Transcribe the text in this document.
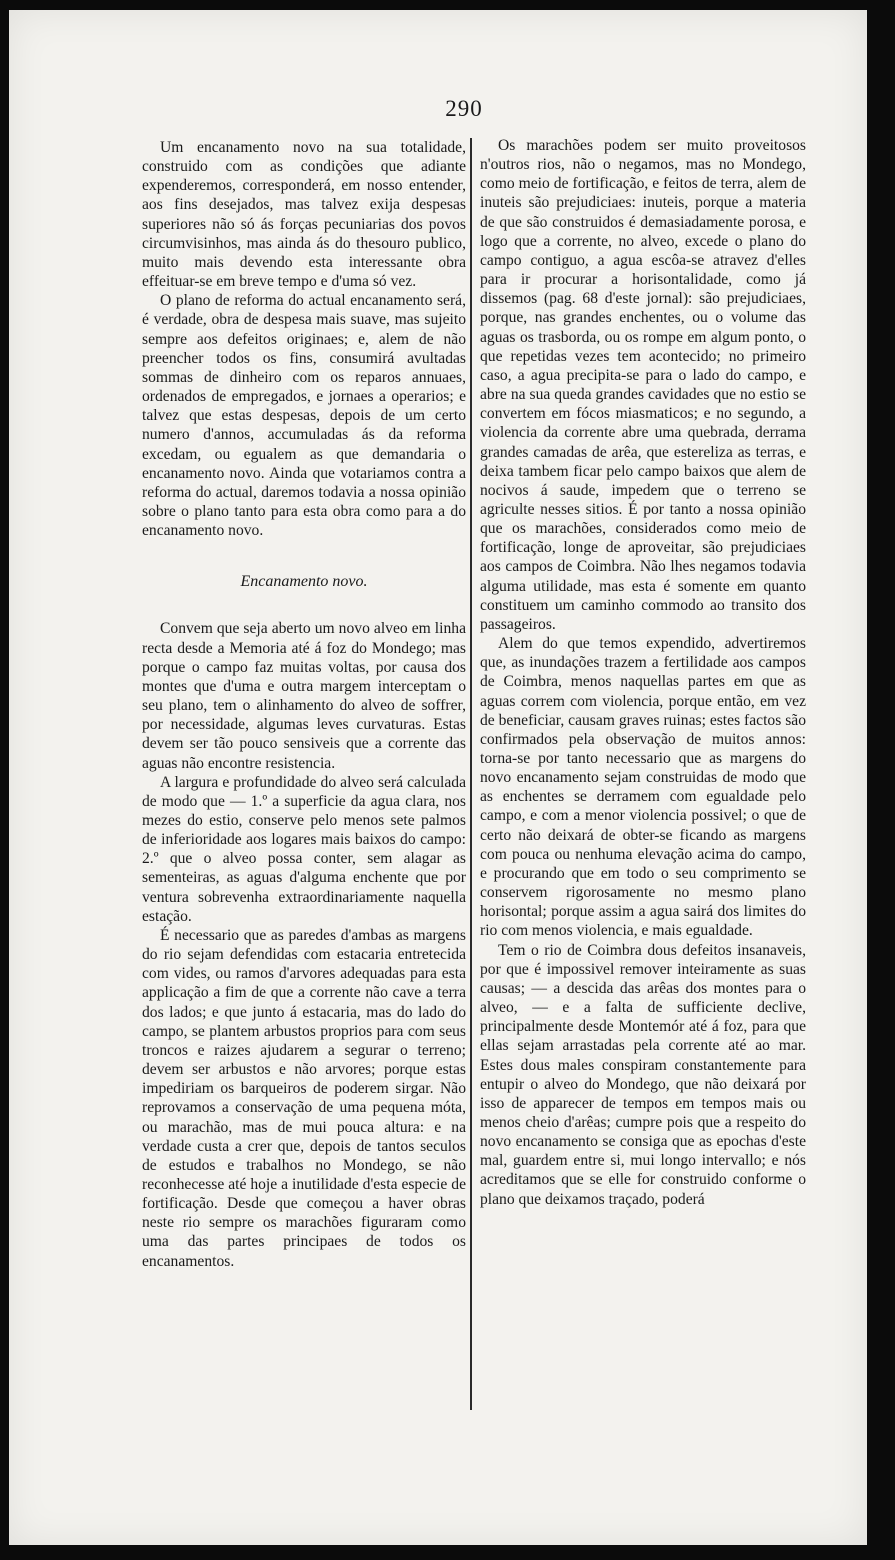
290

Um encanamento novo na sua totalidade, construido com as condições que adiante expenderemos, corresponderá, em nosso entender, aos fins desejados, mas talvez exija despesas superiores não só ás forças pecuniarias dos povos circumvisinhos, mas ainda ás do thesouro publico, muito mais devendo esta interessante obra effeituar-se em breve tempo e d'uma só vez.

O plano de reforma do actual encanamento será, é verdade, obra de despesa mais suave, mas sujeito sempre aos defeitos originaes; e, alem de não preencher todos os fins, consumirá avultadas sommas de dinheiro com os reparos annuaes, ordenados de empregados, e jornaes a operarios; e talvez que estas despesas, depois de um certo numero d'annos, accumuladas ás da reforma excedam, ou egualem as que demandaria o encanamento novo. Ainda que votariamos contra a reforma do actual, daremos todavia a nossa opinião sobre o plano tanto para esta obra como para a do encanamento novo.

Encanamento novo.

Convem que seja aberto um novo alveo em linha recta desde a Memoria até á foz do Mondego; mas porque o campo faz muitas voltas, por causa dos montes que d'uma e outra margem interceptam o seu plano, tem o alinhamento do alveo de soffrer, por necessidade, algumas leves curvaturas. Estas devem ser tão pouco sensiveis que a corrente das aguas não encontre resistencia.

A largura e profundidade do alveo será calculada de modo que — 1.º a superficie da agua clara, nos mezes do estio, conserve pelo menos sete palmos de inferioridade aos logares mais baixos do campo: 2.º que o alveo possa conter, sem alagar as sementeiras, as aguas d'alguma enchente que por ventura sobrevenha extraordinariamente naquella estação.

É necessario que as paredes d'ambas as margens do rio sejam defendidas com estacaria entretecida com vides, ou ramos d'arvores adequadas para esta applicação a fim de que a corrente não cave a terra dos lados; e que junto á estacaria, mas do lado do campo, se plantem arbustos proprios para com seus troncos e raizes ajudarem a segurar o terreno; devem ser arbustos e não arvores; porque estas impediriam os barqueiros de poderem sirgar. Não reprovamos a conservação de uma pequena móta, ou marachão, mas de mui pouca altura: e na verdade custa a crer que, depois de tantos seculos de estudos e trabalhos no Mondego, se não reconhecesse até hoje a inutilidade d'esta especie de fortificação. Desde que começou a haver obras neste rio sempre os marachões figuraram como uma das partes principaes de todos os encanamentos.

Os marachões podem ser muito proveitosos n'outros rios, não o negamos, mas no Mondego, como meio de fortificação, e feitos de terra, alem de inuteis são prejudiciaes: inuteis, porque a materia de que são construidos é demasiadamente porosa, e logo que a corrente, no alveo, excede o plano do campo contiguo, a agua escôa-se atravez d'elles para ir procurar a horisontalidade, como já dissemos (pag. 68 d'este jornal): são prejudiciaes, porque, nas grandes enchentes, ou o volume das aguas os trasborda, ou os rompe em algum ponto, o que repetidas vezes tem acontecido; no primeiro caso, a agua precipita-se para o lado do campo, e abre na sua queda grandes cavidades que no estio se convertem em fócos miasmaticos; e no segundo, a violencia da corrente abre uma quebrada, derrama grandes camadas de arêa, que estereliza as terras, e deixa tambem ficar pelo campo baixos que alem de nocivos á saude, impedem que o terreno se agriculte nesses sitios. É por tanto a nossa opinião que os marachões, considerados como meio de fortificação, longe de aproveitar, são prejudiciaes aos campos de Coimbra. Não lhes negamos todavia alguma utilidade, mas esta é somente em quanto constituem um caminho commodo ao transito dos passageiros.

Alem do que temos expendido, advertiremos que, as inundações trazem a fertilidade aos campos de Coimbra, menos naquellas partes em que as aguas correm com violencia, porque então, em vez de beneficiar, causam graves ruinas; estes factos são confirmados pela observação de muitos annos: torna-se por tanto necessario que as margens do novo encanamento sejam construidas de modo que as enchentes se derramem com egualdade pelo campo, e com a menor violencia possivel; o que de certo não deixará de obter-se ficando as margens com pouca ou nenhuma elevação acima do campo, e procurando que em todo o seu comprimento se conservem rigorosamente no mesmo plano horisontal; porque assim a agua sairá dos limites do rio com menos violencia, e mais egualdade.

Tem o rio de Coimbra dous defeitos insanaveis, por que é impossivel remover inteiramente as suas causas; — a descida das arêas dos montes para o alveo, — e a falta de sufficiente declive, principalmente desde Montemór até á foz, para que ellas sejam arrastadas pela corrente até ao mar. Estes dous males conspiram constantemente para entupir o alveo do Mondego, que não deixará por isso de apparecer de tempos em tempos mais ou menos cheio d'arêas; cumpre pois que a respeito do novo encanamento se consiga que as epochas d'este mal, guardem entre si, mui longo intervallo; e nós acreditamos que se elle for construido conforme o plano que deixamos traçado, poderá
